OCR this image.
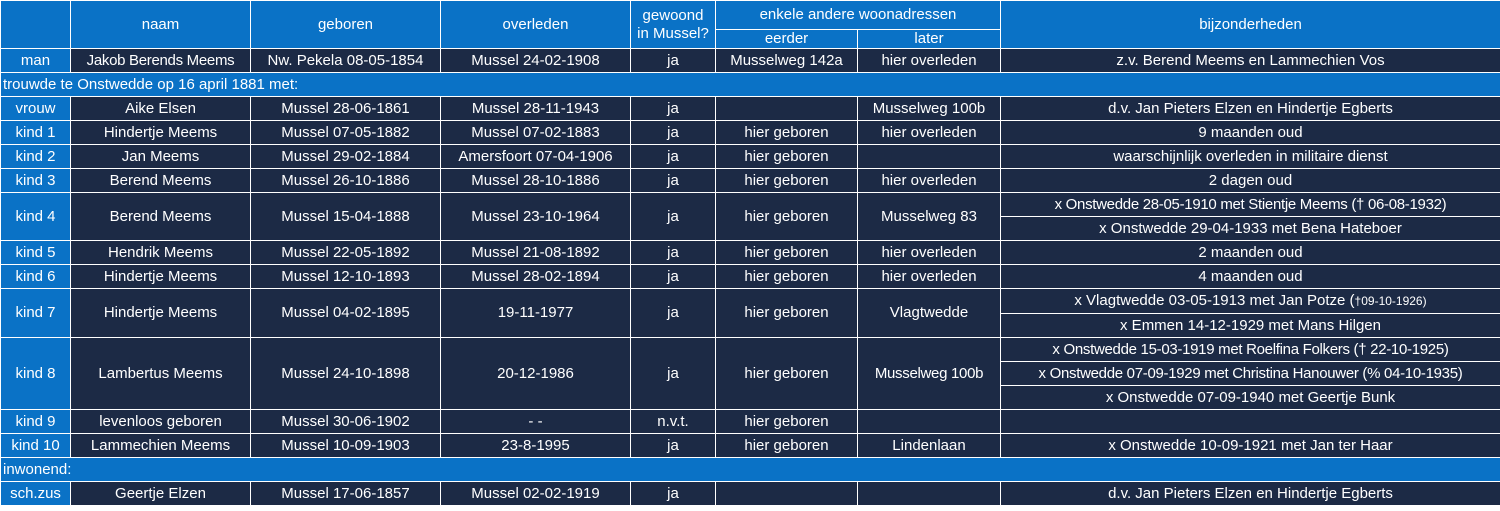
	naam	geboren	overleden	gewoond
in Mussel?	enkele andere woonadressen		bijzonderheden
					eerder	later	
man	Jakob Berends Meems	Nw. Pekela 08-05-1854	Mussel 24-02-1908	ja	Musselweg 142a	hier overleden	z.v. Berend Meems en Lammechien Vos
trouwde te Onstwedde op 16 april 1881 met:							
vrouw	Aike Elsen	Mussel 28-06-1861	Mussel 28-11-1943	ja		Musselweg 100b	d.v. Jan Pieters Elzen en Hindertje Egberts
kind 1	Hindertje Meems	Mussel 07-05-1882	Mussel 07-02-1883	ja	hier geboren	hier overleden	9 maanden oud
kind 2	Jan Meems	Mussel 29-02-1884	Amersfoort 07-04-1906	ja	hier geboren		waarschijnlijk overleden in militaire dienst
kind 3	Berend Meems	Mussel 26-10-1886	Mussel 28-10-1886	ja	hier geboren	hier overleden	2 dagen oud
kind 4	Berend Meems	Mussel 15-04-1888	Mussel 23-10-1964	ja	hier geboren	Musselweg 83	x Onstwedde 28-05-1910 met Stientje Meems († 06-08-1932)
							x Onstwedde 29-04-1933 met Bena Hateboer
kind 5	Hendrik Meems	Mussel 22-05-1892	Mussel 21-08-1892	ja	hier geboren	hier overleden	2 maanden oud
kind 6	Hindertje Meems	Mussel 12-10-1893	Mussel 28-02-1894	ja	hier geboren	hier overleden	4 maanden oud
kind 7	Hindertje Meems	Mussel 04-02-1895	19-11-1977	ja	hier geboren	Vlagtwedde	x Vlagtwedde 03-05-1913 met Jan Potze (†09-10-1926)
							x Emmen 14-12-1929 met Mans Hilgen
kind 8	Lambertus Meems	Mussel 24-10-1898	20-12-1986	ja	hier geboren	Musselweg 100b	x Onstwedde 15-03-1919 met Roelfina Folkers († 22-10-1925)
							x Onstwedde 07-09-1929 met Christina Hanouwer (% 04-10-1935)
							x Onstwedde 07-09-1940 met Geertje Bunk
kind 9	levenloos geboren	Mussel 30-06-1902	- -	n.v.t.	hier geboren		
kind 10	Lammechien Meems	Mussel 10-09-1903	23-8-1995	ja	hier geboren	Lindenlaan	x Onstwedde 10-09-1921 met Jan ter Haar
inwonend:							
sch.zus	Geertje Elzen	Mussel 17-06-1857	Mussel 02-02-1919	ja			d.v. Jan Pieters Elzen en Hindertje Egberts
